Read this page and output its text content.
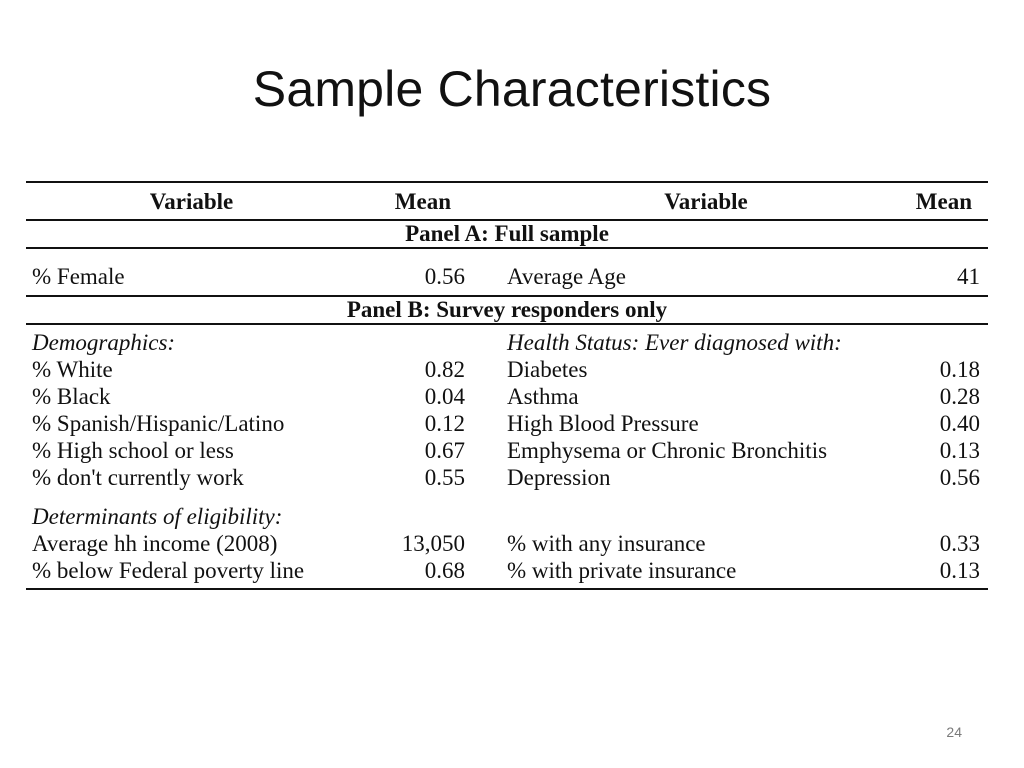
Sample Characteristics
Variable	Mean		Variable	Mean
Panel A: Full sample				

% Female	0.56		Average Age	41

Panel B: Survey responders only				

Demographics:			Health Status: Ever diagnosed with:	
% White	0.82		Diabetes	0.18
% Black	0.04		Asthma	0.28
% Spanish/Hispanic/Latino	0.12		High Blood Pressure	0.40
% High school or less	0.67		Emphysema or Chronic Bronchitis	0.13
% don't currently work	0.55		Depression	0.56

Determinants of eligibility:				
Average hh income (2008)	13,050		% with any insurance	0.33
% below Federal poverty line	0.68		% with private insurance	0.13

24
